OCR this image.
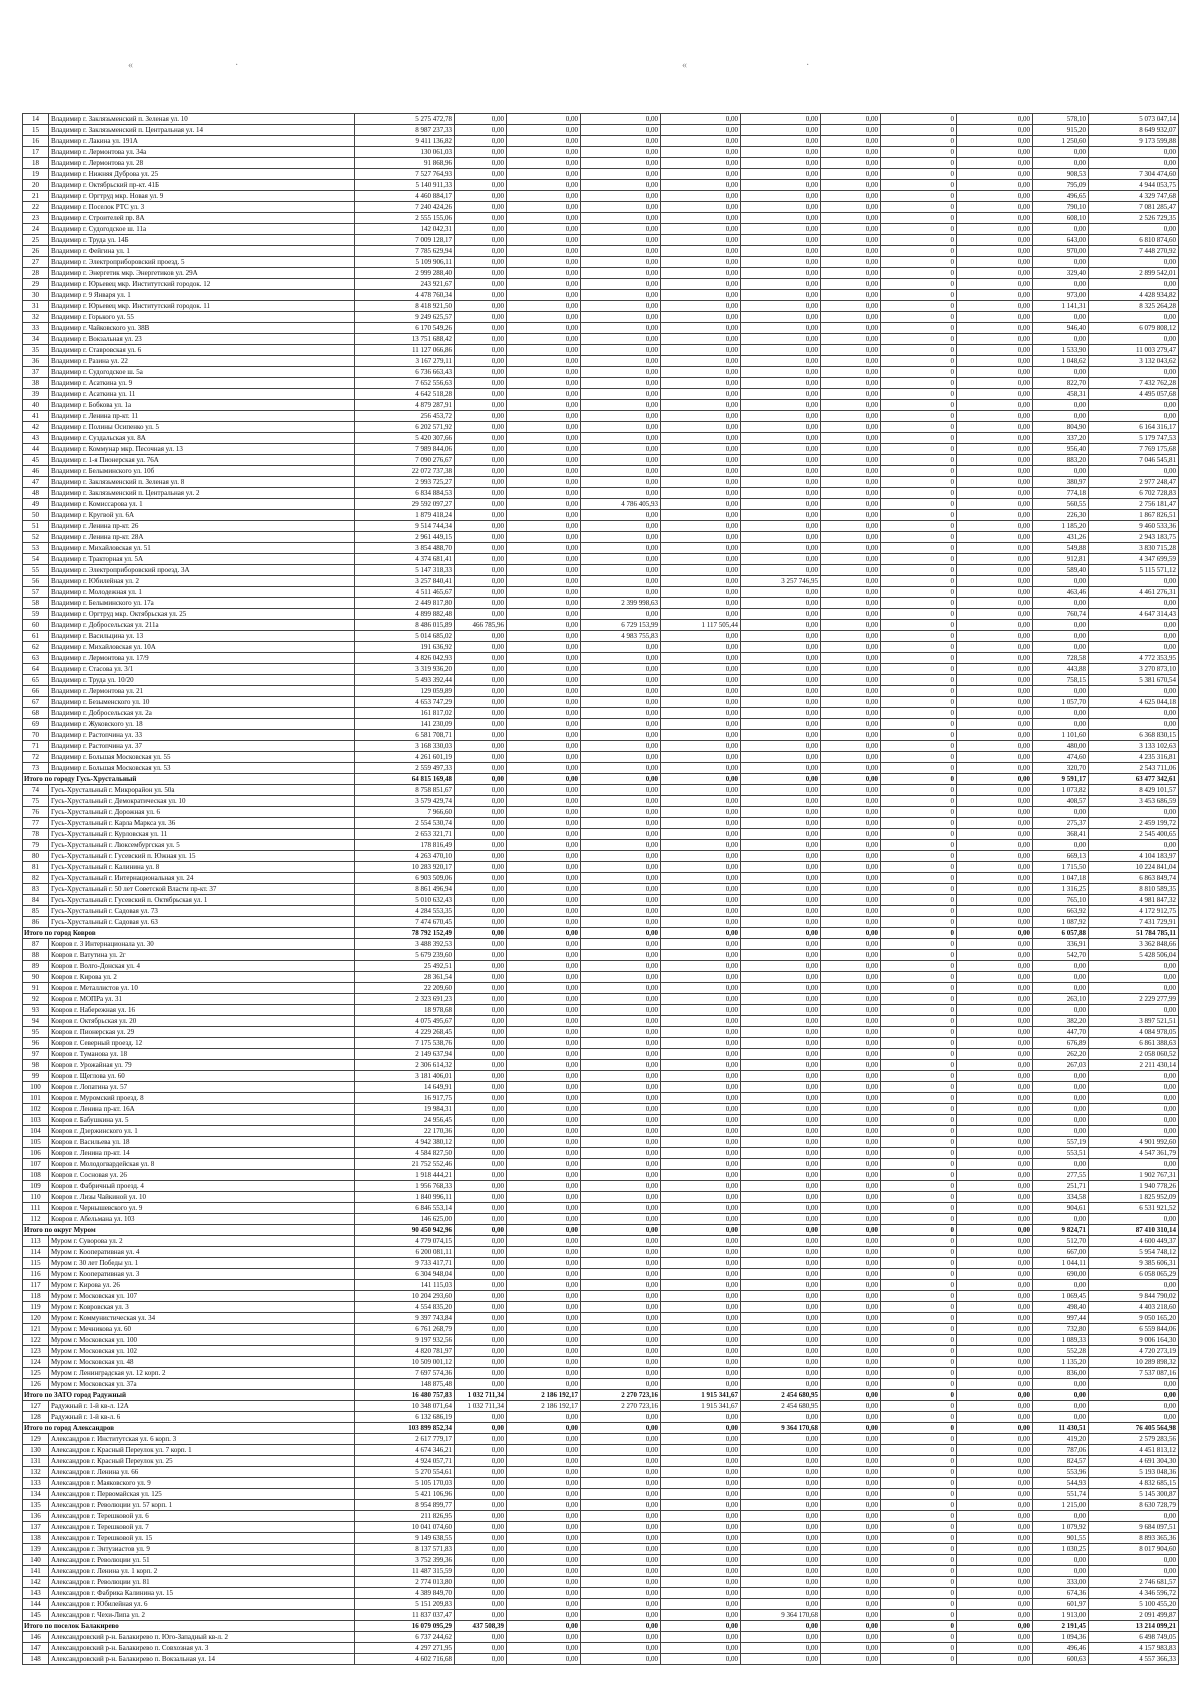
«	·	«	·
14	Владимир г. Заклязьменский п. Зеленая ул. 10	5 275 472,78	0,00	0,00	0,00	0,00	0,00	0,00	0	0,00	578,10	5 073 047,14
15	Владимир г. Заклязьменский п. Центральная ул. 14	8 987 237,33	0,00	0,00	0,00	0,00	0,00	0,00	0	0,00	915,20	8 649 932,07
16	Владимир г. Лакина ул. 191А	9 411 136,82	0,00	0,00	0,00	0,00	0,00	0,00	0	0,00	1 250,60	9 173 599,88
17	Владимир г. Лермонтова ул. 34а	130 061,03	0,00	0,00	0,00	0,00	0,00	0,00	0	0,00	0,00	0,00
18	Владимир г. Лермонтова ул. 28	91 868,96	0,00	0,00	0,00	0,00	0,00	0,00	0	0,00	0,00	0,00
19	Владимир г. Нижняя Дуброва ул. 25	7 527 764,93	0,00	0,00	0,00	0,00	0,00	0,00	0	0,00	908,53	7 304 474,60
20	Владимир г. Октябрьский пр-кт. 41Б	5 140 911,33	0,00	0,00	0,00	0,00	0,00	0,00	0	0,00	795,09	4 944 053,75
21	Владимир г. Оргтруд мкр. Новая ул. 9	4 460 884,17	0,00	0,00	0,00	0,00	0,00	0,00	0	0,00	496,65	4 329 747,68
22	Владимир г. Поселок РТС ул. 3	7 240 424,26	0,00	0,00	0,00	0,00	0,00	0,00	0	0,00	790,10	7 081 285,47
23	Владимир г. Строителей пр. 8А	2 555 155,06	0,00	0,00	0,00	0,00	0,00	0,00	0	0,00	608,10	2 526 729,35
24	Владимир г. Судогодское ш. 11а	142 042,31	0,00	0,00	0,00	0,00	0,00	0,00	0	0,00	0,00	0,00
25	Владимир г. Труда ул. 14Б	7 009 128,17	0,00	0,00	0,00	0,00	0,00	0,00	0	0,00	643,00	6 810 874,60
26	Владимир г. Фейгина ул. 1	7 785 629,94	0,00	0,00	0,00	0,00	0,00	0,00	0	0,00	970,00	7 448 270,92
27	Владимир г. Электроприборовский проезд. 5	5 109 906,11	0,00	0,00	0,00	0,00	0,00	0,00	0	0,00	0,00	0,00
28	Владимир г. Энергетик мкр. Энергетиков ул. 29А	2 999 288,40	0,00	0,00	0,00	0,00	0,00	0,00	0	0,00	329,40	2 899 542,01
29	Владимир г. Юрьевец мкр. Институтский городок. 12	243 921,67	0,00	0,00	0,00	0,00	0,00	0,00	0	0,00	0,00	0,00
30	Владимир г. 9 Января ул. 1	4 478 760,34	0,00	0,00	0,00	0,00	0,00	0,00	0	0,00	973,00	4 428 934,82
31	Владимир г. Юрьевец мкр. Институтский городок. 11	8 418 921,50	0,00	0,00	0,00	0,00	0,00	0,00	0	0,00	1 141,31	8 325 264,28
32	Владимир г. Горького ул. 55	9 249 625,57	0,00	0,00	0,00	0,00	0,00	0,00	0	0,00	0,00	0,00
33	Владимир г. Чайковского ул. 38В	6 170 549,26	0,00	0,00	0,00	0,00	0,00	0,00	0	0,00	946,40	6 079 808,12
34	Владимир г. Вокзальная ул. 23	13 751 688,42	0,00	0,00	0,00	0,00	0,00	0,00	0	0,00	0,00	0,00
35	Владимир г. Ставровская ул. 6	11 127 066,86	0,00	0,00	0,00	0,00	0,00	0,00	0	0,00	1 533,90	11 003 279,47
36	Владимир г. Разина ул. 22	3 167 279,11	0,00	0,00	0,00	0,00	0,00	0,00	0	0,00	1 048,62	3 132 043,62
37	Владимир г. Судогодское ш. 5а	6 736 663,43	0,00	0,00	0,00	0,00	0,00	0,00	0	0,00	0,00	0,00
38	Владимир г. Асаткина ул. 9	7 652 556,63	0,00	0,00	0,00	0,00	0,00	0,00	0	0,00	822,70	7 432 762,28
39	Владимир г. Асаткина ул. 11	4 642 518,28	0,00	0,00	0,00	0,00	0,00	0,00	0	0,00	458,31	4 495 057,68
40	Владимир г. Бобкова ул. 1а	4 879 287,91	0,00	0,00	0,00	0,00	0,00	0,00	0	0,00	0,00	0,00
41	Владимир г. Ленина пр-кт. 11	256 453,72	0,00	0,00	0,00	0,00	0,00	0,00	0	0,00	0,00	0,00
42	Владимир г. Полины Осипенко ул. 5	6 202 571,92	0,00	0,00	0,00	0,00	0,00	0,00	0	0,00	804,90	6 164 316,17
43	Владимир г. Суздальская ул. 8А	5 420 307,66	0,00	0,00	0,00	0,00	0,00	0,00	0	0,00	337,20	5 179 747,53
44	Владимир г. Коммунар мкр. Песочная ул. 13	7 989 844,06	0,00	0,00	0,00	0,00	0,00	0,00	0	0,00	956,40	7 769 175,68
45	Владимир г. 1-я Пионерская ул. 76А	7 090 276,67	0,00	0,00	0,00	0,00	0,00	0,00	0	0,00	883,20	7 046 545,81
46	Владимир г. Белыминского ул. 10б	22 072 737,38	0,00	0,00	0,00	0,00	0,00	0,00	0	0,00	0,00	0,00
47	Владимир г. Заклязьменский п. Зеленая ул. 8	2 993 725,27	0,00	0,00	0,00	0,00	0,00	0,00	0	0,00	380,97	2 977 248,47
48	Владимир г. Заклязьменский п. Центральная ул. 2	6 834 884,53	0,00	0,00	0,00	0,00	0,00	0,00	0	0,00	774,18	6 702 728,83
49	Владимир г. Комиссарова ул. 1	29 592 097,27	0,00	0,00	4 786 405,93	0,00	0,00	0,00	0	0,00	560,55	2 756 181,47
50	Владимир г. Кругвой ул. 6А	1 879 418,24	0,00	0,00	0,00	0,00	0,00	0,00	0	0,00	226,30	1 867 826,51
51	Владимир г. Ленина пр-кт. 26	9 514 744,34	0,00	0,00	0,00	0,00	0,00	0,00	0	0,00	1 185,20	9 460 533,36
52	Владимир г. Ленина пр-кт. 28А	2 961 449,15	0,00	0,00	0,00	0,00	0,00	0,00	0	0,00	431,26	2 943 183,75
53	Владимир г. Михайловская ул. 51	3 854 488,70	0,00	0,00	0,00	0,00	0,00	0,00	0	0,00	549,88	3 830 715,28
54	Владимир г. Тракторная ул. 5А	4 374 681,41	0,00	0,00	0,00	0,00	0,00	0,00	0	0,00	912,81	4 347 699,59
55	Владимир г. Электроприборовский проезд. 3А	5 147 318,33	0,00	0,00	0,00	0,00	0,00	0,00	0	0,00	589,40	5 115 571,12
56	Владимир г. Юбилейная ул. 2	3 257 840,41	0,00	0,00	0,00	0,00	3 257 746,95	0,00	0	0,00	0,00	0,00
57	Владимир г. Молодежная ул. 1	4 511 465,67	0,00	0,00	0,00	0,00	0,00	0,00	0	0,00	463,46	4 461 276,31
58	Владимир г. Белыминского ул. 17а	2 449 817,80	0,00	0,00	2 399 998,63	0,00	0,00	0,00	0	0,00	0,00	0,00
59	Владимир г. Оргтруд мкр. Октябрьская ул. 25	4 899 882,48	0,00	0,00	0,00	0,00	0,00	0,00	0	0,00	760,74	4 647 314,43
60	Владимир г. Добросельская ул. 211а	8 486 015,89	466 785,96	0,00	6 729 153,99	1 117 505,44	0,00	0,00	0	0,00	0,00	0,00
61	Владимир г. Васильцина ул. 13	5 014 685,02	0,00	0,00	4 983 755,83	0,00	0,00	0,00	0	0,00	0,00	0,00
62	Владимир г. Михайловская ул. 10А	191 636,92	0,00	0,00	0,00	0,00	0,00	0,00	0	0,00	0,00	0,00
63	Владимир г. Лермонтова ул. 17/9	4 826 042,93	0,00	0,00	0,00	0,00	0,00	0,00	0	0,00	728,58	4 772 353,95
64	Владимир г. Стасова ул. 3/1	3 319 936,20	0,00	0,00	0,00	0,00	0,00	0,00	0	0,00	443,88	3 270 873,10
65	Владимир г. Труда ул. 10/20	5 493 392,44	0,00	0,00	0,00	0,00	0,00	0,00	0	0,00	758,15	5 381 670,54
66	Владимир г. Лермонтова ул. 21	129 059,89	0,00	0,00	0,00	0,00	0,00	0,00	0	0,00	0,00	0,00
67	Владимир г. Безыменского ул. 10	4 653 747,29	0,00	0,00	0,00	0,00	0,00	0,00	0	0,00	1 057,70	4 625 044,18
68	Владимир г. Добросельская ул. 2а	161 817,02	0,00	0,00	0,00	0,00	0,00	0,00	0	0,00	0,00	0,00
69	Владимир г. Жуковского ул. 18	141 230,09	0,00	0,00	0,00	0,00	0,00	0,00	0	0,00	0,00	0,00
70	Владимир г. Растопчина ул. 33	6 581 708,71	0,00	0,00	0,00	0,00	0,00	0,00	0	0,00	1 101,60	6 368 830,15
71	Владимир г. Растопчина ул. 37	3 168 330,03	0,00	0,00	0,00	0,00	0,00	0,00	0	0,00	480,00	3 133 102,63
72	Владимир г. Большая Московская ул. 55	4 261 601,19	0,00	0,00	0,00	0,00	0,00	0,00	0	0,00	474,60	4 235 316,81
73	Владимир г. Большая Московская ул. 53	2 559 497,33	0,00	0,00	0,00	0,00	0,00	0,00	0	0,00	320,70	2 543 711,06
Итого по городу Гусь-Хрустальный		64 815 169,48	0,00	0,00	0,00	0,00	0,00	0,00	0	0,00	9 591,17	63 477 342,61
74	Гусь-Хрустальный г. Микрорайон ул. 50а	8 758 851,67	0,00	0,00	0,00	0,00	0,00	0,00	0	0,00	1 073,82	8 429 101,57
75	Гусь-Хрустальный г. Демократическая ул. 10	3 579 429,74	0,00	0,00	0,00	0,00	0,00	0,00	0	0,00	408,57	3 453 686,59
76	Гусь-Хрустальный г. Дорожная ул. 6	7 966,60	0,00	0,00	0,00	0,00	0,00	0,00	0	0,00	0,00	0,00
77	Гусь-Хрустальный г. Карла Маркса ул. 36	2 554 530,74	0,00	0,00	0,00	0,00	0,00	0,00	0	0,00	275,37	2 459 199,72
78	Гусь-Хрустальный г. Курловская ул. 11	2 653 321,71	0,00	0,00	0,00	0,00	0,00	0,00	0	0,00	368,41	2 545 400,65
79	Гусь-Хрустальный г. Люксембургская ул. 5	178 816,49	0,00	0,00	0,00	0,00	0,00	0,00	0	0,00	0,00	0,00
80	Гусь-Хрустальный г. Гусевский п. Южная ул. 15	4 263 470,10	0,00	0,00	0,00	0,00	0,00	0,00	0	0,00	669,13	4 104 183,97
81	Гусь-Хрустальный г. Калинина ул. 8	10 283 920,17	0,00	0,00	0,00	0,00	0,00	0,00	0	0,00	1 715,50	10 224 841,04
82	Гусь-Хрустальный г. Интернациональная ул. 24	6 903 509,06	0,00	0,00	0,00	0,00	0,00	0,00	0	0,00	1 047,18	6 863 849,74
83	Гусь-Хрустальный г. 50 лет Советской Власти пр-кт. 37	8 861 496,94	0,00	0,00	0,00	0,00	0,00	0,00	0	0,00	1 316,25	8 810 589,35
84	Гусь-Хрустальный г. Гусевский п. Октябрьская ул. 1	5 010 632,43	0,00	0,00	0,00	0,00	0,00	0,00	0	0,00	765,10	4 981 847,32
85	Гусь-Хрустальный г. Садовая ул. 73	4 284 553,35	0,00	0,00	0,00	0,00	0,00	0,00	0	0,00	663,92	4 172 912,75
86	Гусь-Хрустальный г. Садовая ул. 63	7 474 670,45	0,00	0,00	0,00	0,00	0,00	0,00	0	0,00	1 087,92	7 431 729,91
Итого по город Ковров		78 792 152,49	0,00	0,00	0,00	0,00	0,00	0,00	0	0,00	6 057,88	51 784 785,11
87	Ковров г. 3 Интернационала ул. 30	3 488 392,53	0,00	0,00	0,00	0,00	0,00	0,00	0	0,00	336,91	3 362 848,66
88	Ковров г. Ватутина ул. 2г	5 679 239,60	0,00	0,00	0,00	0,00	0,00	0,00	0	0,00	542,70	5 428 506,04
89	Ковров г. Волго-Донская ул. 4	25 492,51	0,00	0,00	0,00	0,00	0,00	0,00	0	0,00	0,00	0,00
90	Ковров г. Кирова ул. 2	28 361,54	0,00	0,00	0,00	0,00	0,00	0,00	0	0,00	0,00	0,00
91	Ковров г. Металлистов ул. 10	22 209,60	0,00	0,00	0,00	0,00	0,00	0,00	0	0,00	0,00	0,00
92	Ковров г. МОПРа ул. 31	2 323 691,23	0,00	0,00	0,00	0,00	0,00	0,00	0	0,00	263,10	2 229 277,99
93	Ковров г. Набережная ул. 16	18 978,68	0,00	0,00	0,00	0,00	0,00	0,00	0	0,00	0,00	0,00
94	Ковров г. Октябрьская ул. 20	4 075 495,67	0,00	0,00	0,00	0,00	0,00	0,00	0	0,00	382,20	3 897 521,51
95	Ковров г. Пионерская ул. 29	4 229 268,45	0,00	0,00	0,00	0,00	0,00	0,00	0	0,00	447,70	4 084 978,05
96	Ковров г. Северный проезд. 12	7 175 538,76	0,00	0,00	0,00	0,00	0,00	0,00	0	0,00	676,89	6 861 388,63
97	Ковров г. Туманова ул. 18	2 149 637,94	0,00	0,00	0,00	0,00	0,00	0,00	0	0,00	262,20	2 058 060,52
98	Ковров г. Урожайная ул. 79	2 306 614,32	0,00	0,00	0,00	0,00	0,00	0,00	0	0,00	267,03	2 211 430,14
99	Ковров г. Щеглова ул. 60	3 181 406,01	0,00	0,00	0,00	0,00	0,00	0,00	0	0,00	0,00	0,00
100	Ковров г. Лопатина ул. 57	14 649,91	0,00	0,00	0,00	0,00	0,00	0,00	0	0,00	0,00	0,00
101	Ковров г. Муромский проезд. 8	16 917,75	0,00	0,00	0,00	0,00	0,00	0,00	0	0,00	0,00	0,00
102	Ковров г. Ленина пр-кт. 16А	19 984,31	0,00	0,00	0,00	0,00	0,00	0,00	0	0,00	0,00	0,00
103	Ковров г. Бабушкина ул. 5	24 956,45	0,00	0,00	0,00	0,00	0,00	0,00	0	0,00	0,00	0,00
104	Ковров г. Дзержинского ул. 1	22 170,36	0,00	0,00	0,00	0,00	0,00	0,00	0	0,00	0,00	0,00
105	Ковров г. Васильева ул. 18	4 942 380,12	0,00	0,00	0,00	0,00	0,00	0,00	0	0,00	557,19	4 901 992,60
106	Ковров г. Ленина пр-кт. 14	4 584 827,50	0,00	0,00	0,00	0,00	0,00	0,00	0	0,00	553,51	4 547 361,79
107	Ковров г. Молодогвардейская ул. 8	21 752 552,46	0,00	0,00	0,00	0,00	0,00	0,00	0	0,00	0,00	0,00
108	Ковров г. Сосновая ул. 26	1 918 444,21	0,00	0,00	0,00	0,00	0,00	0,00	0	0,00	277,55	1 902 767,31
109	Ковров г. Фабричный проезд. 4	1 956 768,33	0,00	0,00	0,00	0,00	0,00	0,00	0	0,00	251,71	1 940 778,26
110	Ковров г. Лизы Чайкиной ул. 10	1 840 996,11	0,00	0,00	0,00	0,00	0,00	0,00	0	0,00	334,58	1 825 952,09
111	Ковров г. Чернышевского ул. 9	6 846 553,14	0,00	0,00	0,00	0,00	0,00	0,00	0	0,00	904,61	6 531 921,52
112	Ковров г. Абельмана ул. 103	146 625,00	0,00	0,00	0,00	0,00	0,00	0,00	0	0,00	0,00	0,00
Итого по округ Муром		90 450 942,96	0,00	0,00	0,00	0,00	0,00	0,00	0	0,00	9 824,71	87 410 310,14
113	Муром г. Суворова ул. 2	4 779 074,15	0,00	0,00	0,00	0,00	0,00	0,00	0	0,00	512,70	4 600 449,37
114	Муром г. Кооперативная ул. 4	6 200 081,11	0,00	0,00	0,00	0,00	0,00	0,00	0	0,00	667,00	5 954 748,12
115	Муром г. 30 лет Победы ул. 1	9 733 417,71	0,00	0,00	0,00	0,00	0,00	0,00	0	0,00	1 044,11	9 385 606,31
116	Муром г. Кооперативная ул. 3	6 304 948,04	0,00	0,00	0,00	0,00	0,00	0,00	0	0,00	690,00	6 058 065,29
117	Муром г. Кирова ул. 26	141 115,03	0,00	0,00	0,00	0,00	0,00	0,00	0	0,00	0,00	0,00
118	Муром г. Московская ул. 107	10 204 293,60	0,00	0,00	0,00	0,00	0,00	0,00	0	0,00	1 069,45	9 844 790,02
119	Муром г. Ковровская ул. 3	4 554 835,20	0,00	0,00	0,00	0,00	0,00	0,00	0	0,00	498,40	4 403 218,60
120	Муром г. Коммунистическая ул. 34	9 397 743,84	0,00	0,00	0,00	0,00	0,00	0,00	0	0,00	997,44	9 050 165,20
121	Муром г. Мечникова ул. 60	6 761 268,79	0,00	0,00	0,00	0,00	0,00	0,00	0	0,00	732,80	6 559 844,06
122	Муром г. Московская ул. 100	9 197 932,56	0,00	0,00	0,00	0,00	0,00	0,00	0	0,00	1 089,33	9 006 164,30
123	Муром г. Московская ул. 102	4 820 781,97	0,00	0,00	0,00	0,00	0,00	0,00	0	0,00	552,28	4 720 273,19
124	Муром г. Московская ул. 48	10 509 001,12	0,00	0,00	0,00	0,00	0,00	0,00	0	0,00	1 135,20	10 289 898,32
125	Муром г. Ленинградская ул. 12 корп. 2	7 697 574,36	0,00	0,00	0,00	0,00	0,00	0,00	0	0,00	836,00	7 537 087,16
126	Муром г. Московская ул. 37а	148 875,48	0,00	0,00	0,00	0,00	0,00	0,00	0	0,00	0,00	0,00
Итого по ЗАТО город Радужный		16 480 757,83	1 032 711,34	2 186 192,17	2 270 723,16	1 915 341,67	2 454 680,95	0,00	0	0,00	0,00	0,00
127	Радужный г. 1-й кв-л. 12А	10 348 071,64	1 032 711,34	2 186 192,17	2 270 723,16	1 915 341,67	2 454 680,95	0,00	0	0,00	0,00	0,00
128	Радужный г. 1-й кв-л. 6	6 132 686,19	0,00	0,00	0,00	0,00	0,00	0,00	0	0,00	0,00	0,00
Итого по город Александров		103 899 852,34	0,00	0,00	0,00	0,00	9 364 170,68	0,00	0	0,00	11 430,51	76 405 564,98
129	Александров г. Институтская ул. 6 корп. 3	2 617 779,17	0,00	0,00	0,00	0,00	0,00	0,00	0	0,00	419,20	2 579 283,56
130	Александров г. Красный Переулок ул. 7 корп. 1	4 674 346,21	0,00	0,00	0,00	0,00	0,00	0,00	0	0,00	787,06	4 451 813,12
131	Александров г. Красный Переулок ул. 25	4 924 057,71	0,00	0,00	0,00	0,00	0,00	0,00	0	0,00	824,57	4 691 304,30
132	Александров г. Ленина ул. 66	5 270 554,61	0,00	0,00	0,00	0,00	0,00	0,00	0	0,00	553,96	5 193 048,36
133	Александров г. Маяковского ул. 9	5 105 170,03	0,00	0,00	0,00	0,00	0,00	0,00	0	0,00	544,93	4 832 685,15
134	Александров г. Первомайская ул. 125	5 421 106,96	0,00	0,00	0,00	0,00	0,00	0,00	0	0,00	551,74	5 145 300,87
135	Александров г. Революции ул. 57 корп. 1	8 954 899,77	0,00	0,00	0,00	0,00	0,00	0,00	0	0,00	1 215,00	8 630 728,79
136	Александров г. Терешковой ул. 6	211 826,95	0,00	0,00	0,00	0,00	0,00	0,00	0	0,00	0,00	0,00
137	Александров г. Терешковой ул. 7	10 041 074,60	0,00	0,00	0,00	0,00	0,00	0,00	0	0,00	1 079,92	9 684 097,51
138	Александров г. Терешковой ул. 15	9 149 638,55	0,00	0,00	0,00	0,00	0,00	0,00	0	0,00	901,55	8 893 365,36
139	Александров г. Энтузиастов ул. 9	8 137 571,83	0,00	0,00	0,00	0,00	0,00	0,00	0	0,00	1 030,25	8 017 904,60
140	Александров г. Революции ул. 51	3 752 399,36	0,00	0,00	0,00	0,00	0,00	0,00	0	0,00	0,00	0,00
141	Александров г. Ленина ул. 1 корп. 2	11 487 315,59	0,00	0,00	0,00	0,00	0,00	0,00	0	0,00	0,00	0,00
142	Александров г. Революции ул. 81	2 774 013,80	0,00	0,00	0,00	0,00	0,00	0,00	0	0,00	333,00	2 746 681,57
143	Александров г. Фабрика Калинина ул. 15	4 389 849,70	0,00	0,00	0,00	0,00	0,00	0,00	0	0,00	674,36	4 346 596,72
144	Александров г. Юбилейная ул. 6	5 151 209,83	0,00	0,00	0,00	0,00	0,00	0,00	0	0,00	601,97	5 100 455,20
145	Александров г. Чехи-Липа ул. 2	11 837 037,47	0,00	0,00	0,00	0,00	9 364 170,68	0,00	0	0,00	1 913,00	2 091 499,87
Итого по поселок Балакирево		16 079 095,29	437 508,39	0,00	0,00	0,00	0,00	0,00	0	0,00	2 191,45	13 214 099,21
146	Александровский р-н. Балакирево п. Юго-Западный кв-л. 2	6 737 244,62	0,00	0,00	0,00	0,00	0,00	0,00	0	0,00	1 094,36	6 498 749,05
147	Александровский р-н. Балакирево п. Совхозная ул. 3	4 297 271,95	0,00	0,00	0,00	0,00	0,00	0,00	0	0,00	496,46	4 157 983,83
148	Александровский р-н. Балакирево п. Вокзальная ул. 14	4 602 716,68	0,00	0,00	0,00	0,00	0,00	0,00	0	0,00	600,63	4 557 366,33
